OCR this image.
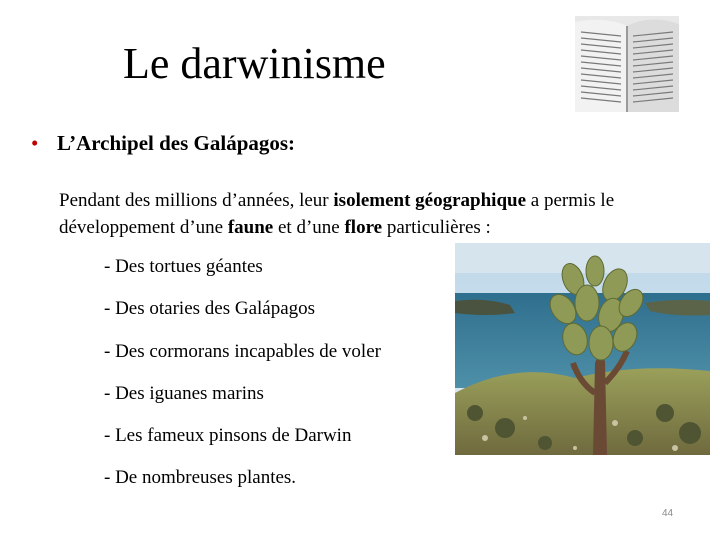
Le darwinisme
• L’Archipel des Galápagos:
Pendant des millions d’années, leur isolement géographique a permis le développement d’une faune et d’une flore particulières :
- Des tortues géantes
- Des otaries des Galápagos
- Des cormorans incapables de voler
- Des iguanes marins
- Les fameux pinsons de Darwin
- De nombreuses plantes.
44
